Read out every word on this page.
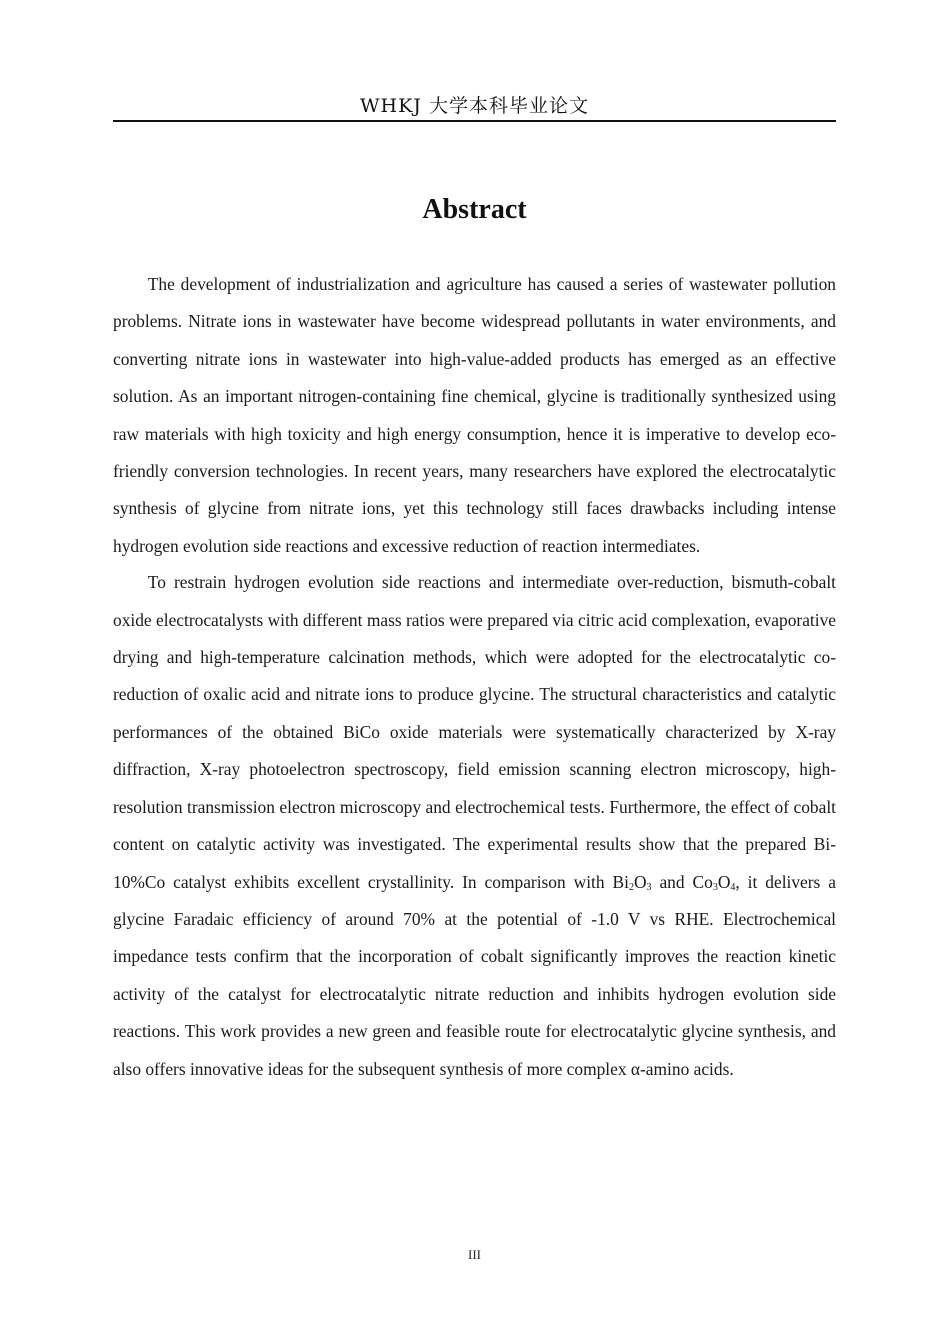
WHKJ 大学本科毕业论文
Abstract

The development of industrialization and agriculture has caused a series of wastewater pollution problems. Nitrate ions in wastewater have become widespread pollutants in water environments, and converting nitrate ions in wastewater into high-value-added products has emerged as an effective solution. As an important nitrogen-containing fine chemical, glycine is traditionally synthesized using raw materials with high toxicity and high energy consumption, hence it is imperative to develop eco-friendly conversion technologies. In recent years, many researchers have explored the electrocatalytic synthesis of glycine from nitrate ions, yet this technology still faces drawbacks including intense hydrogen evolution side reactions and excessive reduction of reaction intermediates.

To restrain hydrogen evolution side reactions and intermediate over-reduction, bismuth-cobalt oxide electrocatalysts with different mass ratios were prepared via citric acid complexation, evaporative drying and high-temperature calcination methods, which were adopted for the electrocatalytic co-reduction of oxalic acid and nitrate ions to produce glycine. The structural characteristics and catalytic performances of the obtained BiCo oxide materials were systematically characterized by X-ray diffraction, X-ray photoelectron spectroscopy, field emission scanning electron microscopy, high-resolution transmission electron microscopy and electrochemical tests. Furthermore, the effect of cobalt content on catalytic activity was investigated. The experimental results show that the prepared Bi-10%Co catalyst exhibits excellent crystallinity. In comparison with $Bi_2O_3$ and $Co_3O_4$, it delivers a glycine Faradaic efficiency of around 70% at the potential of -1.0 V vs RHE. Electrochemical impedance tests confirm that the incorporation of cobalt significantly improves the reaction kinetic activity of the catalyst for electrocatalytic nitrate reduction and inhibits hydrogen evolution side reactions. This work provides a new green and feasible route for electrocatalytic glycine synthesis, and also offers innovative ideas for the subsequent synthesis of more complex α-amino acids.

III
